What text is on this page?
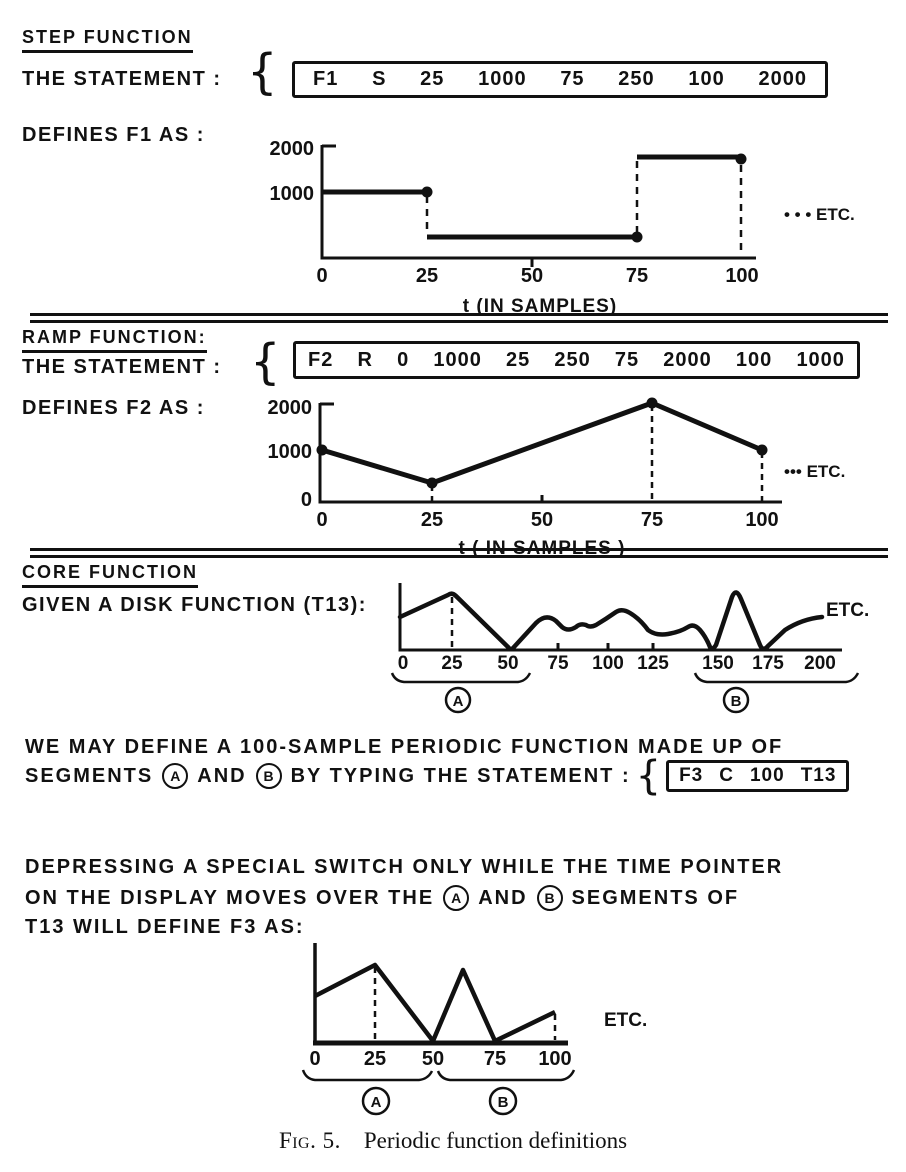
STEP FUNCTION
THE STATEMENT : { F1 S 25 1000 75 250 100 2000
DEFINES F1 AS :
2000
1000
0	25	50	75	100
t (IN SAMPLES)
• • • ETC.
RAMP FUNCTION:
THE STATEMENT : { F2 R 0 1000 25 250 75 2000 100 1000
DEFINES F2 AS :	2000
1000
0
0	25	50	75	100
t ( IN SAMPLES )
••• ETC.
CORE FUNCTION
GIVEN A DISK FUNCTION (T13):
0 25 50 75 100 125 150 175 200
A	B
ETC.
WE MAY DEFINE A 100-SAMPLE PERIODIC FUNCTION MADE UP OF
SEGMENTS	A AND	B BY TYPING THE STATEMENT : { F3 C 100 T13
DEPRESSING A SPECIAL SWITCH ONLY WHILE THE TIME POINTER
ON THE DISPLAY MOVES OVER THE	A AND	B SEGMENTS OF
T13 WILL DEFINE F3 AS:
0 25 50 75 100
A	B
ETC.
Fig. 5. Periodic function definitions
